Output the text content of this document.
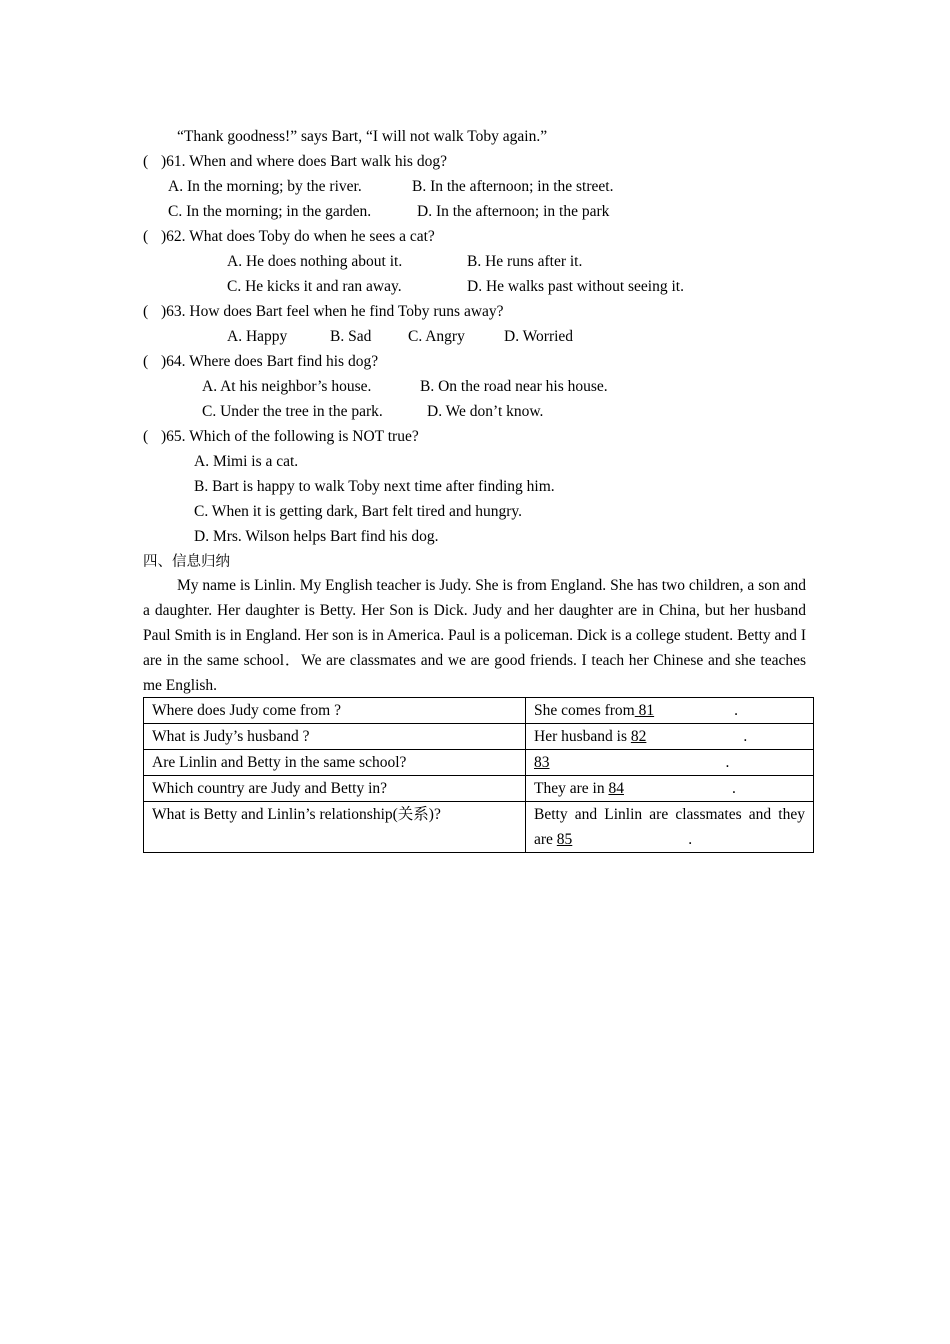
“Thank goodness!” says Bart, “I will not walk Toby again.”

(

)61. When and where does Bart walk his dog?

A. In the morning; by the river.

	B. In the afternoon; in the street.

C. In the morning; in the garden.

	D. In the afternoon; in the park

(

)62. What does Toby do when he sees a cat?

A. He does nothing about it.

	B. He runs after it.

C. He kicks it and ran away.

	D. He walks past without seeing it.

(

)63. How does Bart feel when he find Toby runs away?

A. Happy

	B. Sad

C. Angry

	D. Worried

(

)64. Where does Bart find his dog?

A. At his neighbor’s house.

	B. On the road near his house.

C. Under the tree in the park.

	D. We don’t know.

(

)65. Which of the following is NOT true?

A. Mimi is a cat.
B. Bart is happy to walk Toby next time after finding him.
C. When it is getting dark, Bart felt tired and hungry.
D. Mrs. Wilson helps Bart find his dog.
四、信息归纳
My name is Linlin. My English teacher is Judy. She is from England. She has two children, a son and a daughter. Her daughter is Betty. Her Son is Dick. Judy and her daughter are in China, but her husband Paul Smith is in England. Her son is in America. Paul is a policeman. Dick is a college student. Betty and I are in the same school．We are classmates and we are good friends. I teach her Chinese and she teaches me English.
Where does Judy come from ?	She comes from 81 .
What is Judy’s husband ?	Her husband is 82 .
Are Linlin and Betty in the same school?	83 .
Which country are Judy and Betty in?	They are in 84 .
What is Betty and Linlin’s relationship(关系)?	Betty and Linlin are classmates and they are 85 .
